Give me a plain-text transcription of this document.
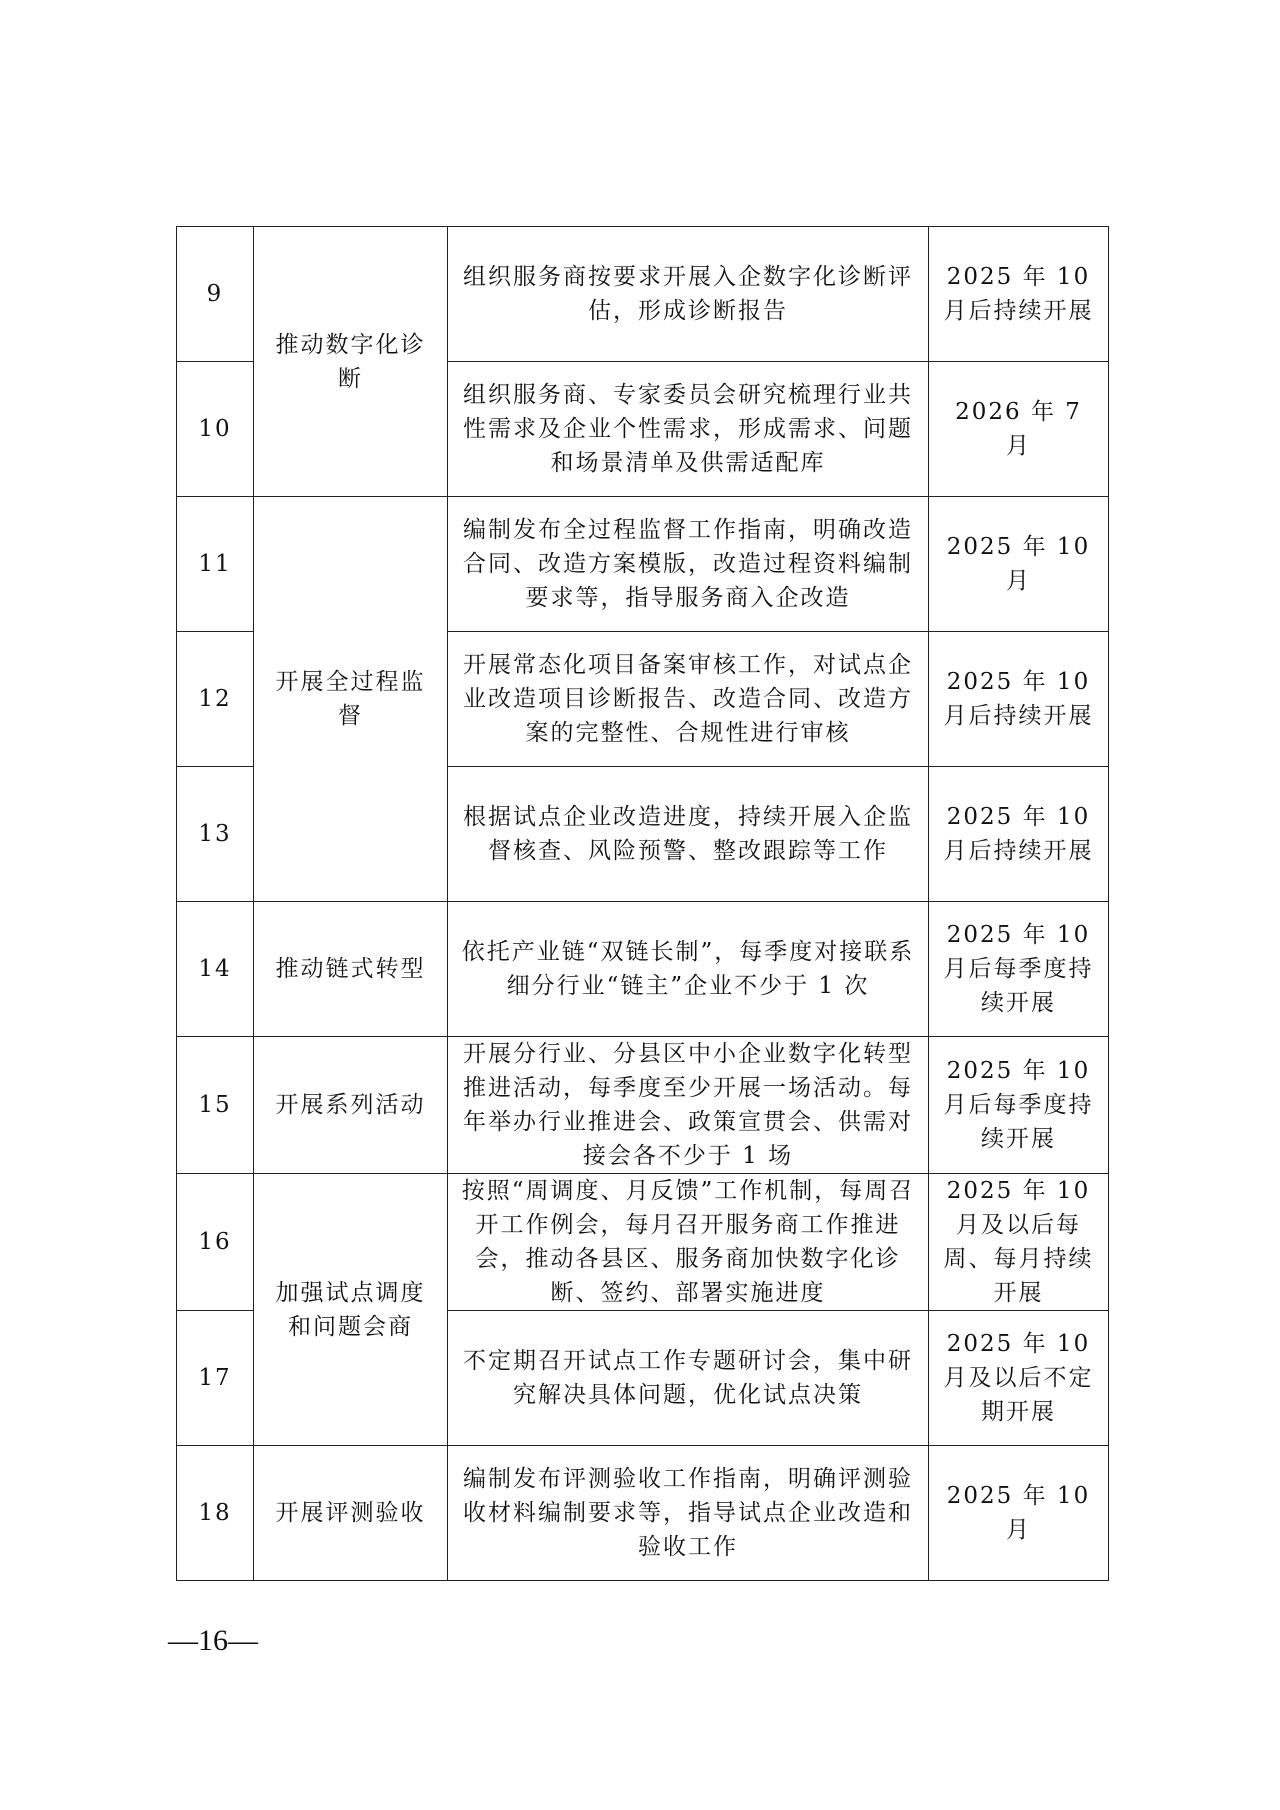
9	推动数字化诊断	组织服务商按要求开展入企数字化诊断评估，形成诊断报告	2025 年 10 月后持续开展
10		组织服务商、专家委员会研究梳理行业共性需求及企业个性需求，形成需求、问题和场景清单及供需适配库	2026 年 7 月
11	开展全过程监督	编制发布全过程监督工作指南，明确改造合同、改造方案模版，改造过程资料编制要求等，指导服务商入企改造	2025 年 10 月
12		开展常态化项目备案审核工作，对试点企业改造项目诊断报告、改造合同、改造方案的完整性、合规性进行审核	2025 年 10 月后持续开展
13		根据试点企业改造进度，持续开展入企监督核查、风险预警、整改跟踪等工作	2025 年 10 月后持续开展
14	推动链式转型	依托产业链“双链长制”，每季度对接联系细分行业“链主”企业不少于 1 次	2025 年 10 月后每季度持续开展
15	开展系列活动	开展分行业、分县区中小企业数字化转型推进活动，每季度至少开展一场活动。每年举办行业推进会、政策宣贯会、供需对接会各不少于 1 场	2025 年 10 月后每季度持续开展
16	加强试点调度和问题会商	按照“周调度、月反馈”工作机制，每周召开工作例会，每月召开服务商工作推进会，推动各县区、服务商加快数字化诊断、签约、部署实施进度	2025 年 10 月及以后每周、每月持续开展
17		不定期召开试点工作专题研讨会，集中研究解决具体问题，优化试点决策	2025 年 10 月及以后不定期开展
18	开展评测验收	编制发布评测验收工作指南，明确评测验收材料编制要求等，指导试点企业改造和验收工作	2025 年 10 月
—16—
